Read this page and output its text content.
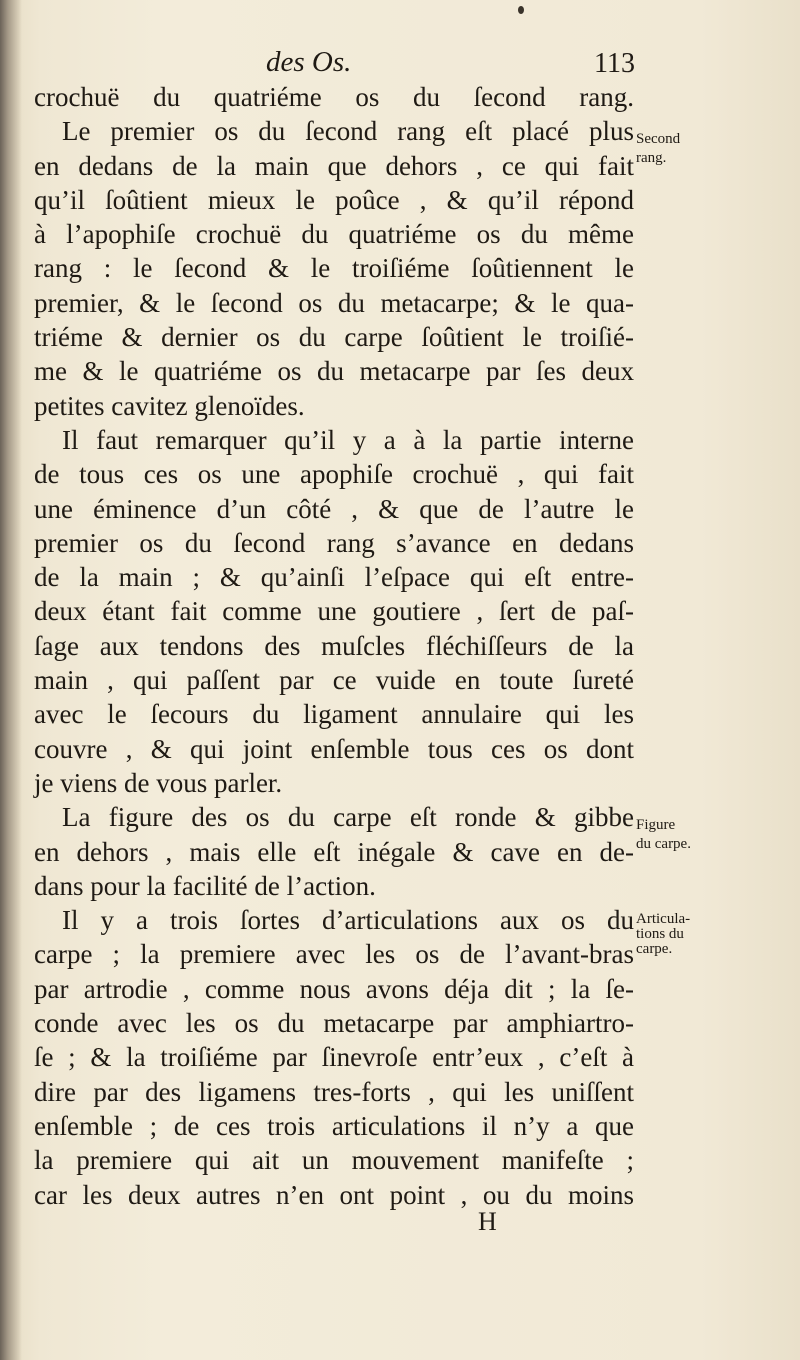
des Os.	113
crochuë du quatriéme os du ſecond rang.
Le premier os du ſecond rang eſt placé plus
en dedans de la main que dehors , ce qui fait
qu’il ſoûtient mieux le poûce , & qu’il répond
à l’apophiſe crochuë du quatriéme os du même
rang : le ſecond & le troiſiéme ſoûtiennent le
premier, & le ſecond os du metacarpe; & le qua-
triéme & dernier os du carpe ſoûtient le troiſié-
me & le quatriéme os du metacarpe par ſes deux
petites cavitez glenoïdes.
Il faut remarquer qu’il y a à la partie interne
de tous ces os une apophiſe crochuë , qui fait
une éminence d’un côté , & que de l’autre le
premier os du ſecond rang s’avance en dedans
de la main ; & qu’ainſi l’eſpace qui eſt entre-
deux étant fait comme une goutiere , ſert de paſ-
ſage aux tendons des muſcles fléchiſſeurs de la
main , qui paſſent par ce vuide en toute ſureté
avec le ſecours du ligament annulaire qui les
couvre , & qui joint enſemble tous ces os dont
je viens de vous parler.
La figure des os du carpe eſt ronde & gibbe
en dehors , mais elle eſt inégale & cave en de-
dans pour la facilité de l’action.
Il y a trois ſortes d’articulations aux os du
carpe ; la premiere avec les os de l’avant-bras
par artrodie , comme nous avons déja dit ; la ſe-
conde avec les os du metacarpe par amphiartro-
ſe ; & la troiſiéme par ſinevroſe entr’eux , c’eſt à
dire par des ligamens tres-forts , qui les uniſſent
enſemble ; de ces trois articulations il n’y a que
la premiere qui ait un mouvement manifeſte ;
car les deux autres n’en ont point , ou du moins
Second
rang.
Figure
du carpe.
Articula-
tions du
carpe.
H
